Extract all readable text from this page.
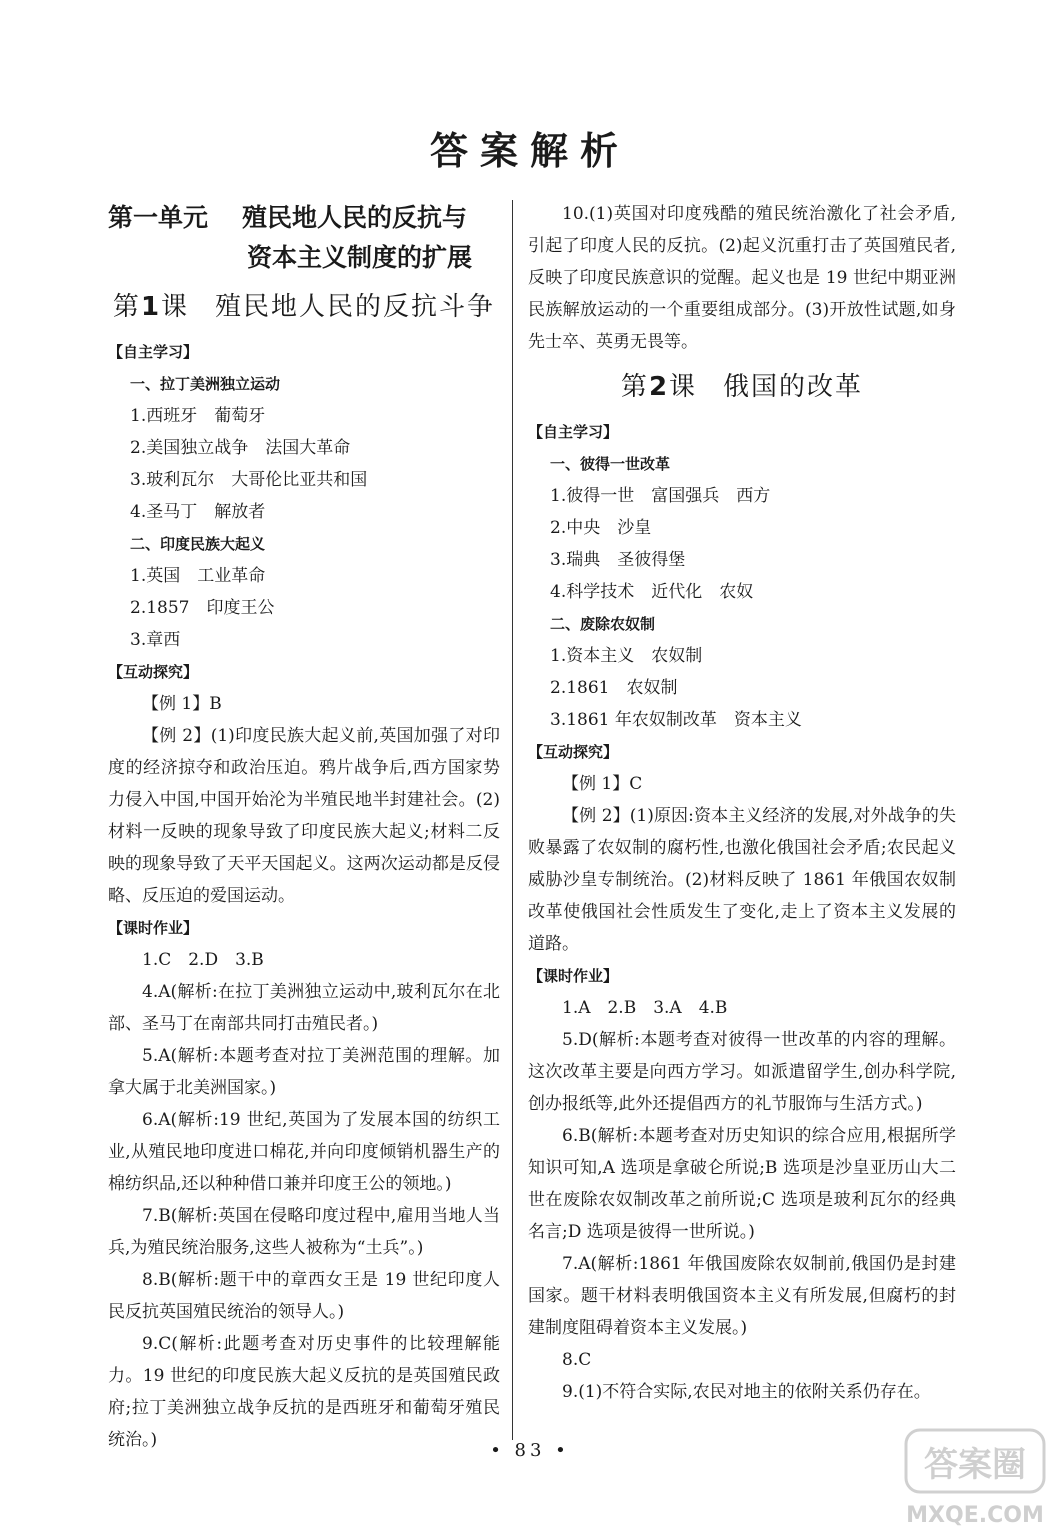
答案解析
第一单元 殖民地人民的反抗与
资本主义制度的扩展
第1课 殖民地人民的反抗斗争

【自主学习】

一、拉丁美洲独立运动

1.西班牙　葡萄牙

2.美国独立战争　法国大革命

3.玻利瓦尔　大哥伦比亚共和国

4.圣马丁　解放者

二、印度民族大起义

1.英国　工业革命

2.1857　印度王公

3.章西

【互动探究】

【例 1】B

【例 2】(1)印度民族大起义前,英国加强了对印度的经济掠夺和政治压迫。鸦片战争后,西方国家势力侵入中国,中国开始沦为半殖民地半封建社会。(2)材料一反映的现象导致了印度民族大起义;材料二反映的现象导致了天平天国起义。这两次运动都是反侵略、反压迫的爱国运动。

【课时作业】

1.C　2.D　3.B

4.A(解析:在拉丁美洲独立运动中,玻利瓦尔在北部、圣马丁在南部共同打击殖民者。)

5.A(解析:本题考查对拉丁美洲范围的理解。加拿大属于北美洲国家。)

6.A(解析:19 世纪,英国为了发展本国的纺织工业,从殖民地印度进口棉花,并向印度倾销机器生产的棉纺织品,还以种种借口兼并印度王公的领地。)

7.B(解析:英国在侵略印度过程中,雇用当地人当兵,为殖民统治服务,这些人被称为“土兵”。)

8.B(解析:题干中的章西女王是 19 世纪印度人民反抗英国殖民统治的领导人。)

9.C(解析:此题考查对历史事件的比较理解能力。19 世纪的印度民族大起义反抗的是英国殖民政府;拉丁美洲独立战争反抗的是西班牙和葡萄牙殖民统治。)

10.(1)英国对印度残酷的殖民统治激化了社会矛盾,引起了印度人民的反抗。(2)起义沉重打击了英国殖民者,反映了印度民族意识的觉醒。起义也是 19 世纪中期亚洲民族解放运动的一个重要组成部分。(3)开放性试题,如身先士卒、英勇无畏等。

第2课 俄国的改革

【自主学习】

一、彼得一世改革

1.彼得一世　富国强兵　西方

2.中央　沙皇

3.瑞典　圣彼得堡

4.科学技术　近代化　农奴

二、废除农奴制

1.资本主义　农奴制

2.1861　农奴制

3.1861 年农奴制改革　资本主义

【互动探究】

【例 1】C

【例 2】(1)原因:资本主义经济的发展,对外战争的失败暴露了农奴制的腐朽性,也激化俄国社会矛盾;农民起义威胁沙皇专制统治。(2)材料反映了 1861 年俄国农奴制改革使俄国社会性质发生了变化,走上了资本主义发展的道路。

【课时作业】

1.A　2.B　3.A　4.B

5.D(解析:本题考查对彼得一世改革的内容的理解。这次改革主要是向西方学习。如派遣留学生,创办科学院,创办报纸等,此外还提倡西方的礼节服饰与生活方式。)

6.B(解析:本题考查对历史知识的综合应用,根据所学知识可知,A 选项是拿破仑所说;B 选项是沙皇亚历山大二世在废除农奴制改革之前所说;C 选项是玻利瓦尔的经典名言;D 选项是彼得一世所说。)

7.A(解析:1861 年俄国废除农奴制前,俄国仍是封建国家。题干材料表明俄国资本主义有所发展,但腐朽的封建制度阻碍着资本主义发展。)

8.C

9.(1)不符合实际,农民对地主的依附关系仍存在。

• 83 •	答案圈
MXQE.COM
